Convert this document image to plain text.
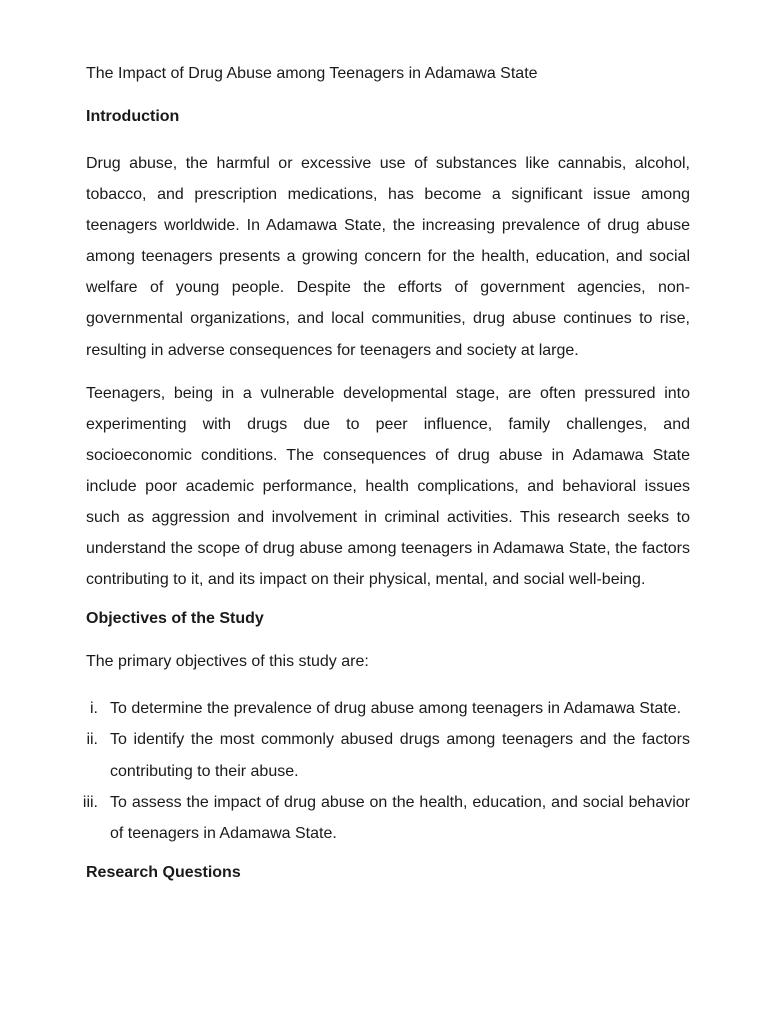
The Impact of Drug Abuse among Teenagers in Adamawa State
Introduction

Drug abuse, the harmful or excessive use of substances like cannabis, alcohol, tobacco, and prescription medications, has become a significant issue among teenagers worldwide. In Adamawa State, the increasing prevalence of drug abuse among teenagers presents a growing concern for the health, education, and social welfare of young people. Despite the efforts of government agencies, non-governmental organizations, and local communities, drug abuse continues to rise, resulting in adverse consequences for teenagers and society at large.

Teenagers, being in a vulnerable developmental stage, are often pressured into experimenting with drugs due to peer influence, family challenges, and socioeconomic conditions. The consequences of drug abuse in Adamawa State include poor academic performance, health complications, and behavioral issues such as aggression and involvement in criminal activities. This research seeks to understand the scope of drug abuse among teenagers in Adamawa State, the factors contributing to it, and its impact on their physical, mental, and social well-being.

Objectives of the Study
The primary objectives of this study are:
i. To determine the prevalence of drug abuse among teenagers in Adamawa State.
ii. To identify the most commonly abused drugs among teenagers and the factors contributing to their abuse.
iii. To assess the impact of drug abuse on the health, education, and social behavior of teenagers in Adamawa State.
Research Questions
